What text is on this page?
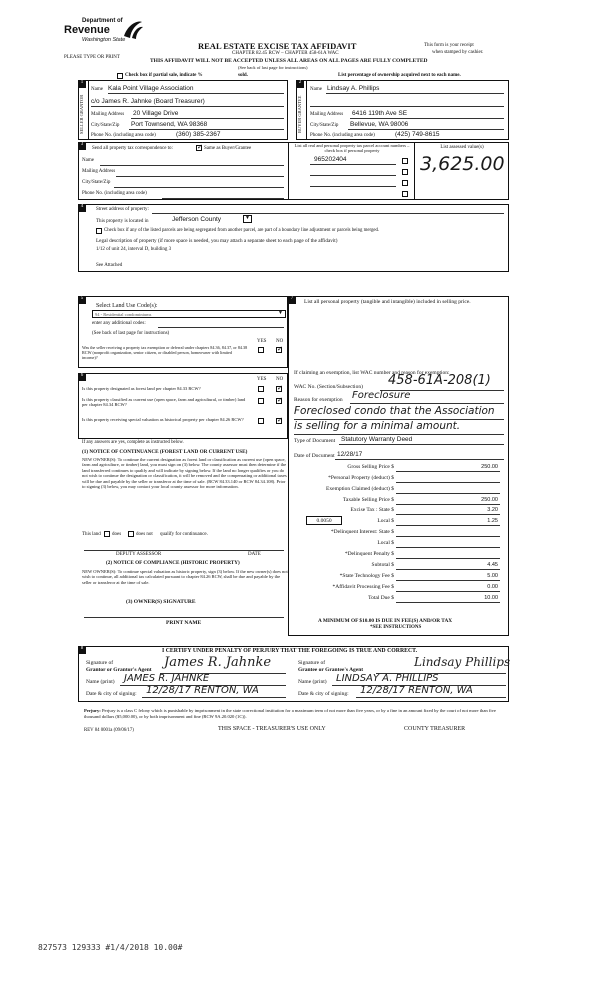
Department of
Revenue
Washington State
PLEASE TYPE OR PRINT
REAL ESTATE EXCISE TAX AFFIDAVIT
CHAPTER 82.45 RCW – CHAPTER 458-61A WAC
THIS AFFIDAVIT WILL NOT BE ACCEPTED UNLESS ALL AREAS ON ALL PAGES ARE FULLY COMPLETED
(See back of last page for instructions)
This form is your receipt
when stamped by cashier.
Check box if partial sale, indicate %	sold.	List percentage of ownership acquired next to each name.
1
SELLER GRANTOR
Name Kala Point Village Association
c/o James R. Jahnke (Board Treasurer)
Mailing Address 20 Village Drive
City/State/Zip Port Townsend, WA 98368
Phone No. (including area code)	(360) 385-2367
2
BUYER GRANTEE
Name Lindsay A. Phillips
Mailing Address 6416 119th Ave SE
City/State/Zip Bellevue, WA 98006
Phone No. (including area code)	(425) 749-8615
3
Send all property tax correspondence to:
✓	Same as Buyer/Grantee
Name
Mailing Address
City/State/Zip
Phone No. (including area code)
List all real and personal property tax parcel account numbers – check box if personal property
List assessed value(s)
965202404	3,625.00
4
Street address of property:
This property is located in	Jefferson County	▼
Check box if any of the listed parcels are being segregated from another parcel, are part of a boundary line adjustment or parcels being merged.
Legal description of property (if more space is needed, you may attach a separate sheet to each page of the affidavit)
1/12 of unit 24, interval D, building 3
See Attached
5
Select Land Use Code(s):
94 - Residential condominiums	▼
enter any additional codes:
(See back of last page for instructions)
YES NO
Was the seller receiving a property tax exemption or deferral under chapters 84.36, 84.37, or 84.38 RCW (nonprofit organization, senior citizen, or disabled person, homeowner with limited income)?
✓
6
YES NO
Is this property designated as forest land per chapter 84.33 RCW?
✓
Is this property classified as current use (open space, farm and agricultural, or timber) land per chapter 84.34 RCW?
✓
Is this property receiving special valuation as historical property per chapter 84.26 RCW?
✓
If any answers are yes, complete as instructed below.
(1) NOTICE OF CONTINUANCE (FOREST LAND OR CURRENT USE)
NEW OWNER(S): To continue the current designation as forest land or classification as current use (open space, farm and agriculture, or timber) land, you must sign on (3) below. The county assessor must then determine if the land transferred continues to qualify and will indicate by signing below. If the land no longer qualifies or you do not wish to continue the designation or classification, it will be removed and the compensating or additional taxes will be due and payable by the seller or transferor at the time of sale. (RCW 84.33.140 or RCW 84.34.108). Prior to signing (3) below, you may contact your local county assessor for more information.
This land does	does not qualify for continuance.
DEPUTY ASSESSOR	DATE
(2) NOTICE OF COMPLIANCE (HISTORIC PROPERTY)
NEW OWNER(S): To continue special valuation as historic property, sign (3) below. If the new owner(s) does not wish to continue, all additional tax calculated pursuant to chapter 84.26 RCW, shall be due and payable by the seller or transferor at the time of sale.
(3) OWNER(S) SIGNATURE
PRINT NAME
7
List all personal property (tangible and intangible) included in selling price.
If claiming an exemption, list WAC number and reason for exemption:
WAC No. (Section/Subsection) 458-61A-208(1)
Reason for exemption Foreclosure
Foreclosed condo that the Association
is selling for a minimal amount.
Type of Document Statutory Warranty Deed
Date of Document 12/28/17
Gross Selling Price $	250.00
*Personal Property (deduct) $
Exemption Claimed (deduct) $
Taxable Selling Price $	250.00
Excise Tax : State $	3.20
0.0050	Local $	1.25
*Delinquent Interest: State $
Local $
*Delinquent Penalty $
Subtotal $	4.45
*State Technology Fee $	5.00
*Affidavit Processing Fee $	0.00
Total Due $	10.00
A MINIMUM OF $10.00 IS DUE IN FEE(S) AND/OR TAX
*SEE INSTRUCTIONS
8	I CERTIFY UNDER PENALTY OF PERJURY THAT THE FOREGOING IS TRUE AND CORRECT.
Signature of
Grantor or Grantor's Agent James R. Jahnke
Name (print) JAMES R. JAHNKE
Date & city of signing: 12/28/17 RENTON, WA
Signature of
Grantee or Grantee's Agent
Lindsay Phillips
Name (print) LINDSAY A. PHILLIPS
Date & city of signing: 12/28/17 RENTON, WA
Perjury: Perjury is a class C felony which is punishable by imprisonment in the state correctional institution for a maximum term of not more than five years, or by a fine in an amount fixed by the court of not more than five thousand dollars ($5,000.00), or by both imprisonment and fine (RCW 9A.20.020 (1C)).
REV 84 0001a (09/06/17)	THIS SPACE - TREASURER'S USE ONLY	COUNTY TREASURER
827573 129333 #1/4/2018 10.00#
